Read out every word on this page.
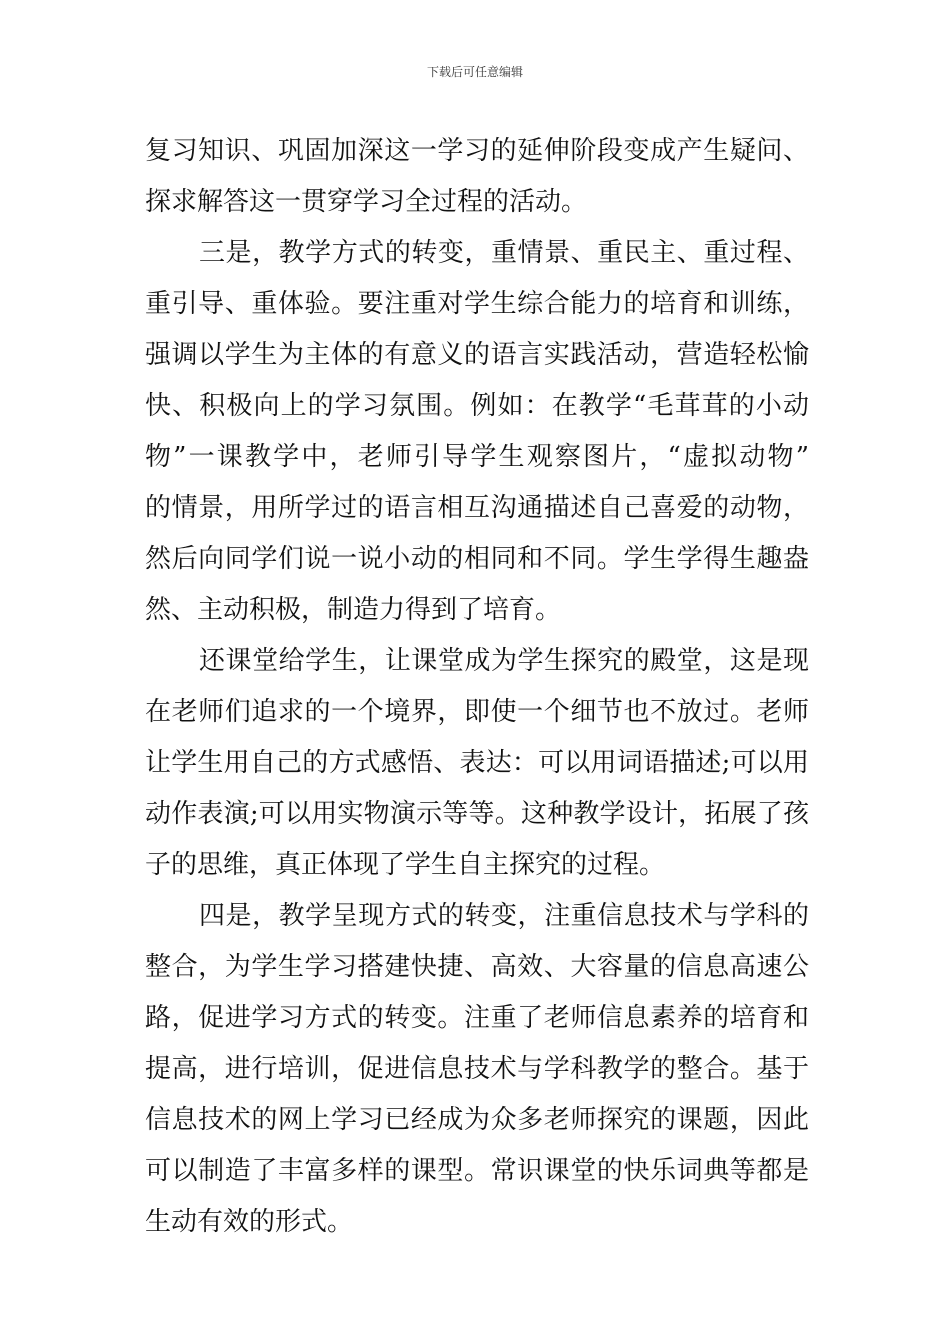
下载后可任意编辑
复习知识、巩固加深这一学习的延伸阶段变成产生疑问、
探求解答这一贯穿学习全过程的活动。
三是，教学方式的转变，重情景、重民主、重过程、
重引导、重体验。要注重对学生综合能力的培育和训练，
强调以学生为主体的有意义的语言实践活动，营造轻松愉
快、积极向上的学习氛围。例如：在教学“毛茸茸的小动
物”一课教学中，老师引导学生观察图片，“虚拟动物”
的情景，用所学过的语言相互沟通描述自己喜爱的动物，
然后向同学们说一说小动的相同和不同。学生学得生趣盎
然、主动积极，制造力得到了培育。
还课堂给学生，让课堂成为学生探究的殿堂，这是现
在老师们追求的一个境界，即使一个细节也不放过。老师
让学生用自己的方式感悟、表达：可以用词语描述;可以用
动作表演;可以用实物演示等等。这种教学设计，拓展了孩
子的思维，真正体现了学生自主探究的过程。
四是，教学呈现方式的转变，注重信息技术与学科的
整合，为学生学习搭建快捷、高效、大容量的信息高速公
路，促进学习方式的转变。注重了老师信息素养的培育和
提高，进行培训，促进信息技术与学科教学的整合。基于
信息技术的网上学习已经成为众多老师探究的课题，因此
可以制造了丰富多样的课型。常识课堂的快乐词典等都是
生动有效的形式。
